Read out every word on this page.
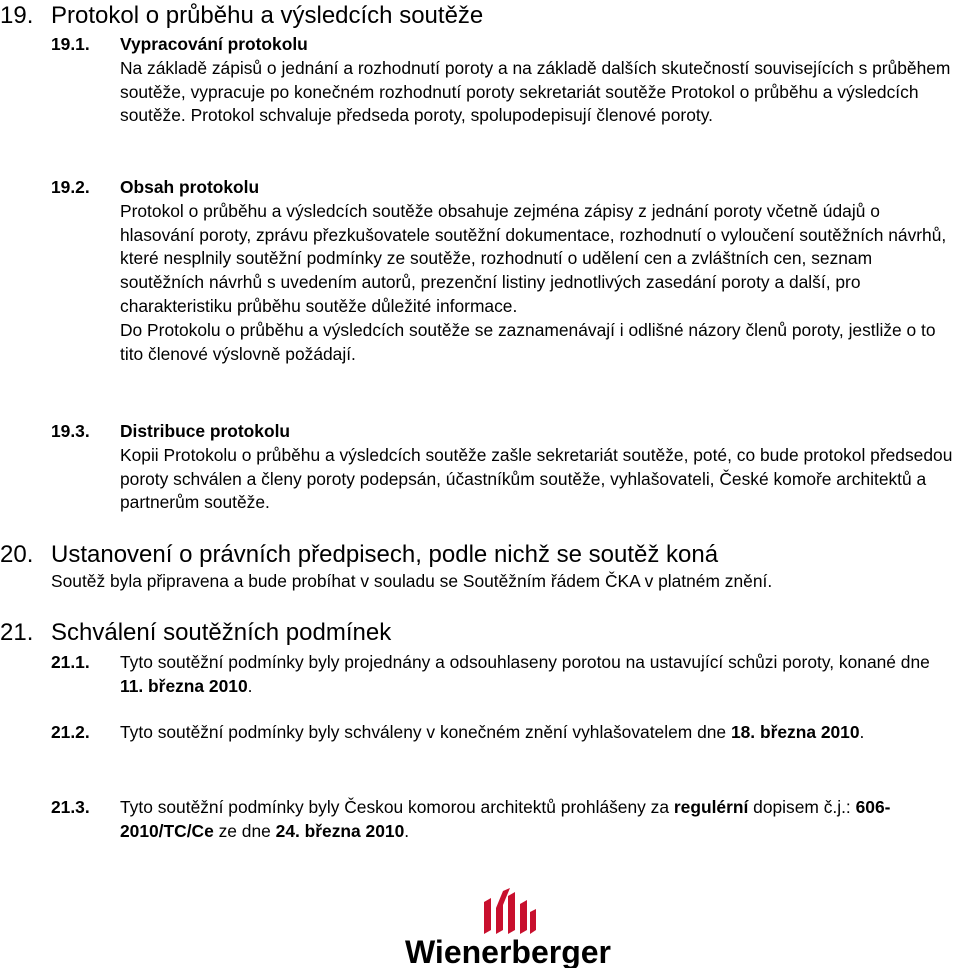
19. Protokol o průběhu a výsledcích soutěže
19.1. Vypracování protokolu

Na základě zápisů o jednání a rozhodnutí poroty a na základě dalších skutečností souvisejících s průběhem soutěže, vypracuje po konečném rozhodnutí poroty sekretariát soutěže Protokol o průběhu a výsledcích soutěže. Protokol schvaluje předseda poroty, spolupodepisují členové poroty.

19.2. Obsah protokolu

Protokol o průběhu a výsledcích soutěže obsahuje zejména zápisy z jednání poroty včetně údajů o hlasování poroty, zprávu přezkušovatele soutěžní dokumentace, rozhodnutí o vyloučení soutěžních návrhů, které nesplnily soutěžní podmínky ze soutěže, rozhodnutí o udělení cen a zvláštních cen, seznam soutěžních návrhů s uvedením autorů, prezenční listiny jednotlivých zasedání poroty a další, pro charakteristiku průběhu soutěže důležité informace.

Do Protokolu o průběhu a výsledcích soutěže se zaznamenávají i odlišné názory členů poroty, jestliže o to tito členové výslovně požádají.

19.3. Distribuce protokolu

Kopii Protokolu o průběhu a výsledcích soutěže zašle sekretariát soutěže, poté, co bude protokol předsedou poroty schválen a členy poroty podepsán, účastníkům soutěže, vyhlašovateli, České komoře architektů a partnerům soutěže.

20. Ustanovení o právních předpisech, podle nichž se soutěž koná
Soutěž byla připravena a bude probíhat v souladu se Soutěžním řádem ČKA v platném znění.
21. Schválení soutěžních podmínek
21.1. Tyto soutěžní podmínky byly projednány a odsouhlaseny porotou na ustavující schůzi poroty, konané dne 11. března 2010.

21.2. Tyto soutěžní podmínky byly schváleny v konečném znění vyhlašovatelem dne 18. března 2010.

21.3. Tyto soutěžní podmínky byly Českou komorou architektů prohlášeny za regulérní dopisem č.j.: 606- 2010/TC/Ce ze dne 24. března 2010.

Wienerberger
